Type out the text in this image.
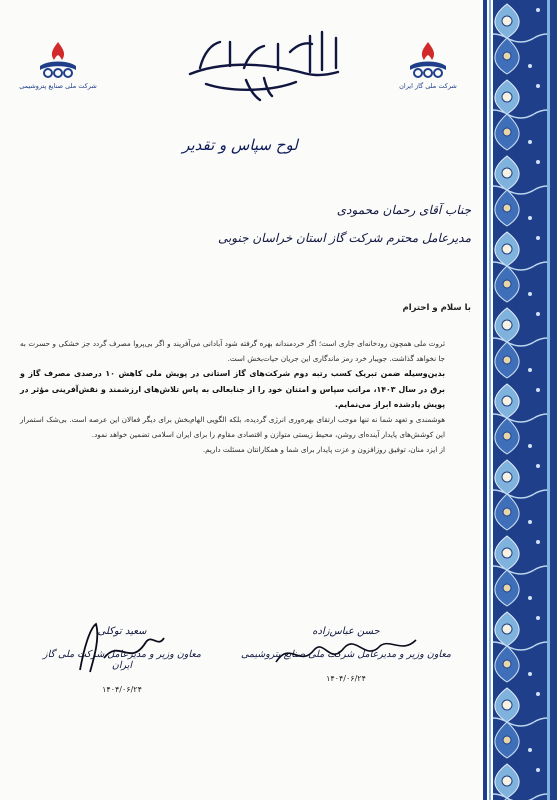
شرکت ملی صنایع پتروشیمی	شرکت ملی گاز ایران
لوح سپاس و تقدیر
جناب آقای رحمان محمودی
مدیرعامل محترم شرکت گاز استان خراسان جنوبی
با سلام و احترام

ثروت ملی همچون رودخانه‌ای جاری است؛ اگر خردمندانه بهره گرفته شود آبادانی می‌آفریند و اگر بی‌پروا مصرف گردد جز خشکی و حسرت به جا نخواهد گذاشت. جویبار خرد رمز ماندگاری این جریان حیات‌بخش است.

بدین‌وسیله ضمن تبریک کسب رتبه دوم شرکت‌های گاز استانی در پویش ملی کاهش ۱۰ درصدی مصرف گاز و برق در سال ۱۴۰۳، مراتب سپاس و امتنان خود را از جنابعالی به پاس تلاش‌های ارزشمند و نقش‌آفرینی مؤثر در پویش یادشده ابراز می‌نمایم.

هوشمندی و تعهد شما نه تنها موجب ارتقای بهره‌وری انرژی گردیده، بلکه الگویی الهام‌بخش برای دیگر فعالان این عرصه است. بی‌شک استمرار این کوشش‌های پایدار آینده‌ای روشن، محیط زیستی متوازن و اقتصادی مقاوم را برای ایران اسلامی تضمین خواهد نمود.

از ایزد منان، توفیق روزافزون و عزت پایدار برای شما و همکارانتان مسئلت داریم.

حسن عباس‌زاده
معاون وزیر و مدیرعامل شرکت ملی صنایع پتروشیمی
۱۴۰۴/۰۶/۲۴
سعید توکلی
معاون وزیر و مدیرعامل شرکت ملی گاز ایران
۱۴۰۴/۰۶/۲۴
